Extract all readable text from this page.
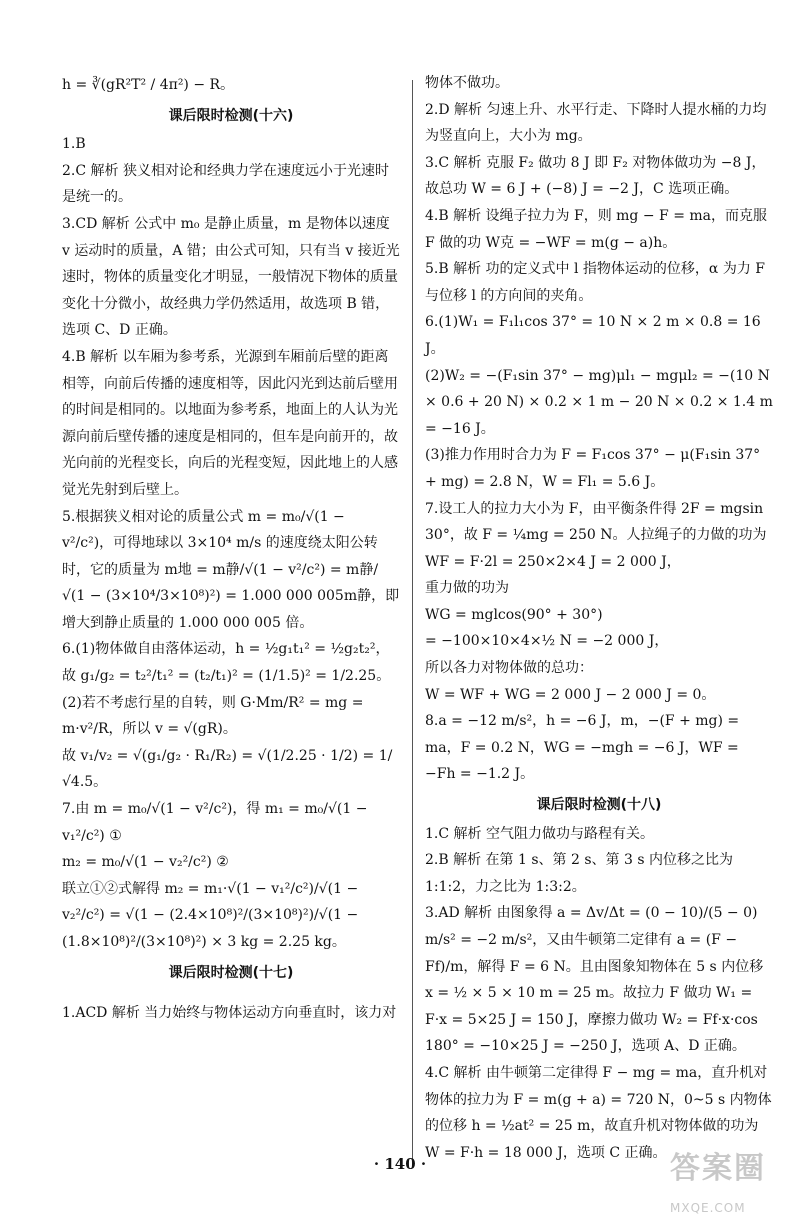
h = ∛(gR²T² / 4π²) − R。

课后限时检测(十六)

1.B

2.C 解析 狭义相对论和经典力学在速度远小于光速时是统一的。

3.CD 解析 公式中 m₀ 是静止质量，m 是物体以速度 v 运动时的质量，A 错；由公式可知，只有当 v 接近光速时，物体的质量变化才明显，一般情况下物体的质量变化十分微小，故经典力学仍然适用，故选项 B 错，选项 C、D 正确。

4.B 解析 以车厢为参考系，光源到车厢前后壁的距离相等，向前后传播的速度相等，因此闪光到达前后壁用的时间是相同的。以地面为参考系，地面上的人认为光源向前后壁传播的速度是相同的，但车是向前开的，故光向前的光程变长，向后的光程变短，因此地上的人感觉光先射到后壁上。

5.根据狭义相对论的质量公式 m = m₀/√(1 − v²/c²)，可得地球以 3×10⁴ m/s 的速度绕太阳公转时，它的质量为 m地 = m静/√(1 − v²/c²) = m静/√(1 − (3×10⁴/3×10⁸)²) = 1.000 000 005m静，即增大到静止质量的 1.000 000 005 倍。

6.(1)物体做自由落体运动，h = ½g₁t₁² = ½g₂t₂²，故 g₁/g₂ = t₂²/t₁² = (t₂/t₁)² = (1/1.5)² = 1/2.25。

(2)若不考虑行星的自转，则 G·Mm/R² = mg = m·v²/R，所以 v = √(gR)。

故 v₁/v₂ = √(g₁/g₂ · R₁/R₂) = √(1/2.25 · 1/2) = 1/√4.5。

7.由 m = m₀/√(1 − v²/c²)，得 m₁ = m₀/√(1 − v₁²/c²) ①

m₂ = m₀/√(1 − v₂²/c²) ②

联立①②式解得 m₂ = m₁·√(1 − v₁²/c²)/√(1 − v₂²/c²) = √(1 − (2.4×10⁸)²/(3×10⁸)²)/√(1 − (1.8×10⁸)²/(3×10⁸)²) × 3 kg = 2.25 kg。

课后限时检测(十七)

1.ACD 解析 当力始终与物体运动方向垂直时，该力对

物体不做功。

2.D 解析 匀速上升、水平行走、下降时人提水桶的力均为竖直向上，大小为 mg。

3.C 解析 克服 F₂ 做功 8 J 即 F₂ 对物体做功为 −8 J，故总功 W = 6 J + (−8) J = −2 J，C 选项正确。

4.B 解析 设绳子拉力为 F，则 mg − F = ma，而克服 F 做的功 W克 = −WF = m(g − a)h。

5.B 解析 功的定义式中 l 指物体运动的位移，α 为力 F 与位移 l 的方向间的夹角。

6.(1)W₁ = F₁l₁cos 37° = 10 N × 2 m × 0.8 = 16 J。

(2)W₂ = −(F₁sin 37° − mg)μl₁ − mgμl₂ = −(10 N × 0.6 + 20 N) × 0.2 × 1 m − 20 N × 0.2 × 1.4 m = −16 J。

(3)推力作用时合力为 F = F₁cos 37° − μ(F₁sin 37° + mg) = 2.8 N，W = Fl₁ = 5.6 J。

7.设工人的拉力大小为 F，由平衡条件得 2F = mgsin 30°，故 F = ¼mg = 250 N。人拉绳子的力做的功为

WF = F·2l = 250×2×4 J = 2 000 J，

重力做的功为

WG = mglcos(90° + 30°)

= −100×10×4×½ N = −2 000 J，

所以各力对物体做的总功：

W = WF + WG = 2 000 J − 2 000 J = 0。

8.a = −12 m/s²，h = −6 J，m，−(F + mg) = ma，F = 0.2 N，WG = −mgh = −6 J，WF = −Fh = −1.2 J。

课后限时检测(十八)

1.C 解析 空气阻力做功与路程有关。

2.B 解析 在第 1 s、第 2 s、第 3 s 内位移之比为 1:1:2，力之比为 1:3:2。

3.AD 解析 由图象得 a = Δv/Δt = (0 − 10)/(5 − 0) m/s² = −2 m/s²，又由牛顿第二定律有 a = (F − Ff)/m，解得 F = 6 N。且由图象知物体在 5 s 内位移 x = ½ × 5 × 10 m = 25 m。故拉力 F 做功 W₁ = F·x = 5×25 J = 150 J，摩擦力做功 W₂ = Ff·x·cos 180° = −10×25 J = −250 J，选项 A、D 正确。

4.C 解析 由牛顿第二定律得 F − mg = ma，直升机对物体的拉力为 F = m(g + a) = 720 N，0~5 s 内物体的位移 h = ½at² = 25 m，故直升机对物体做的功为 W = F·h = 18 000 J，选项 C 正确。

· 140 ·	答案圈
MXQE.COM
